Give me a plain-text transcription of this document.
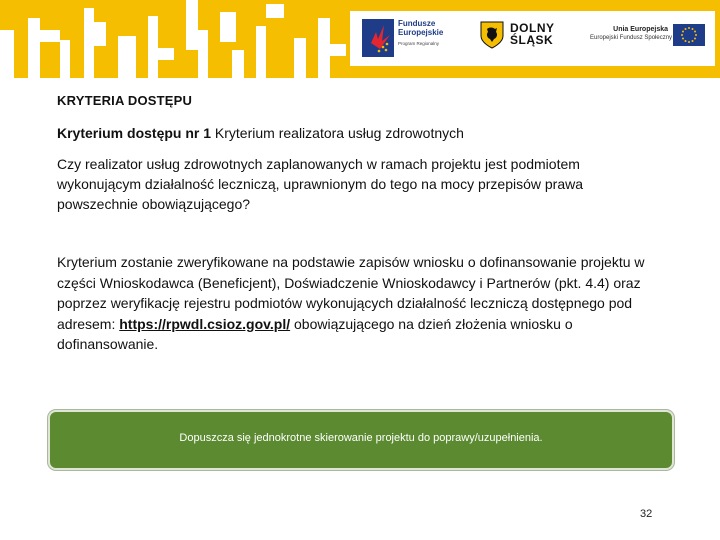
Fundusze
Europejskie
Program Regionalny
DOLNY
ŚLĄSK
Unia Europejska
Europejski Fundusz Społeczny
KRYTERIA DOSTĘPU
Kryterium dostępu nr 1 Kryterium realizatora usług zdrowotnych
Czy realizator usług zdrowotnych zaplanowanych w ramach projektu jest podmiotem wykonującym działalność leczniczą, uprawnionym do tego na mocy przepisów prawa powszechnie obowiązującego?
Kryterium zostanie zweryfikowane na podstawie zapisów wniosku o dofinansowanie projektu w części Wnioskodawca (Beneficjent), Doświadczenie Wnioskodawcy i Partnerów (pkt. 4.4) oraz poprzez weryfikację rejestru podmiotów wykonujących działalność leczniczą dostępnego pod adresem: https://rpwdl.csioz.gov.pl/ obowiązującego na dzień złożenia wniosku o dofinansowanie.
Dopuszcza się jednokrotne skierowanie projektu do poprawy/uzupełnienia.
32
